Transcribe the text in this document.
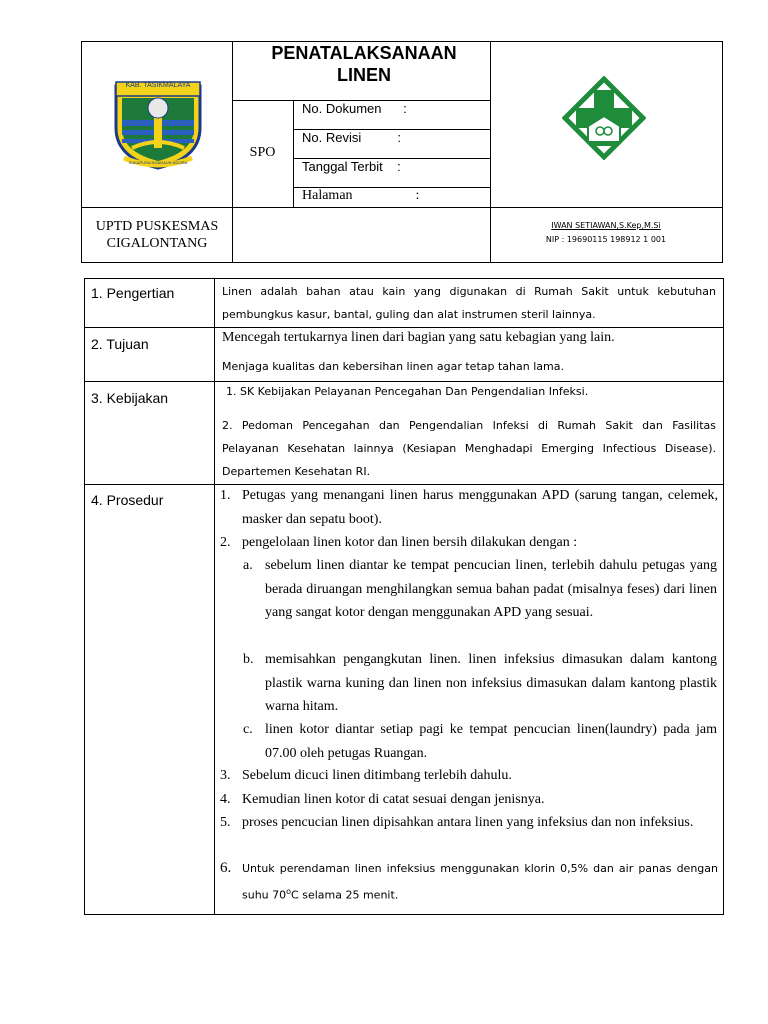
KAB. TASIKMALAYA
SUKAPURA NGADAUN NGORA
PENATALAKSANAAN LINEN
SPO
No. Dokumen      :
No. Revisi          :
Tanggal Terbit    :
Halaman                  :
UPTD PUSKESMAS CIGALONTANG
IWAN SETIAWAN,S.Kep,M.Si
NIP : 19690115 198912 1 001
1. Pengertian
2. Tujuan
3. Kebijakan
4. Prosedur
Linen adalah bahan atau kain yang digunakan di Rumah Sakit untuk kebutuhan pembungkus kasur, bantal, guling dan alat instrumen steril lainnya.
Mencegah tertukarnya linen dari bagian yang satu kebagian yang lain.
Menjaga kualitas dan kebersihan linen agar tetap tahan lama.
1. SK Kebijakan Pelayanan Pencegahan Dan Pengendalian Infeksi.
2. Pedoman Pencegahan dan Pengendalian Infeksi di Rumah Sakit dan Fasilitas Pelayanan Kesehatan lainnya (Kesiapan Menghadapi Emerging Infectious Disease). Departemen Kesehatan RI.
1. Petugas yang menangani linen harus menggunakan APD (sarung tangan, celemek, masker dan sepatu boot).
2. pengelolaan linen kotor dan linen bersih dilakukan dengan :
a. sebelum linen diantar ke tempat pencucian linen, terlebih dahulu petugas yang berada diruangan menghilangkan semua bahan padat (misalnya feses) dari linen yang sangat kotor dengan menggunakan APD yang sesuai.
b. memisahkan pengangkutan linen. linen infeksius dimasukan dalam kantong plastik warna kuning dan linen non infeksius dimasukan dalam kantong plastik warna hitam.
c. linen kotor diantar setiap pagi ke tempat pencucian linen(laundry) pada jam 07.00 oleh petugas Ruangan.
3. Sebelum dicuci linen ditimbang terlebih dahulu.
4. Kemudian linen kotor di catat sesuai dengan jenisnya.
5. proses pencucian linen dipisahkan antara linen yang infeksius dan non infeksius.
6. Untuk perendaman linen infeksius menggunakan klorin 0,5% dan air panas dengan suhu 70$^o$C selama 25 menit.
